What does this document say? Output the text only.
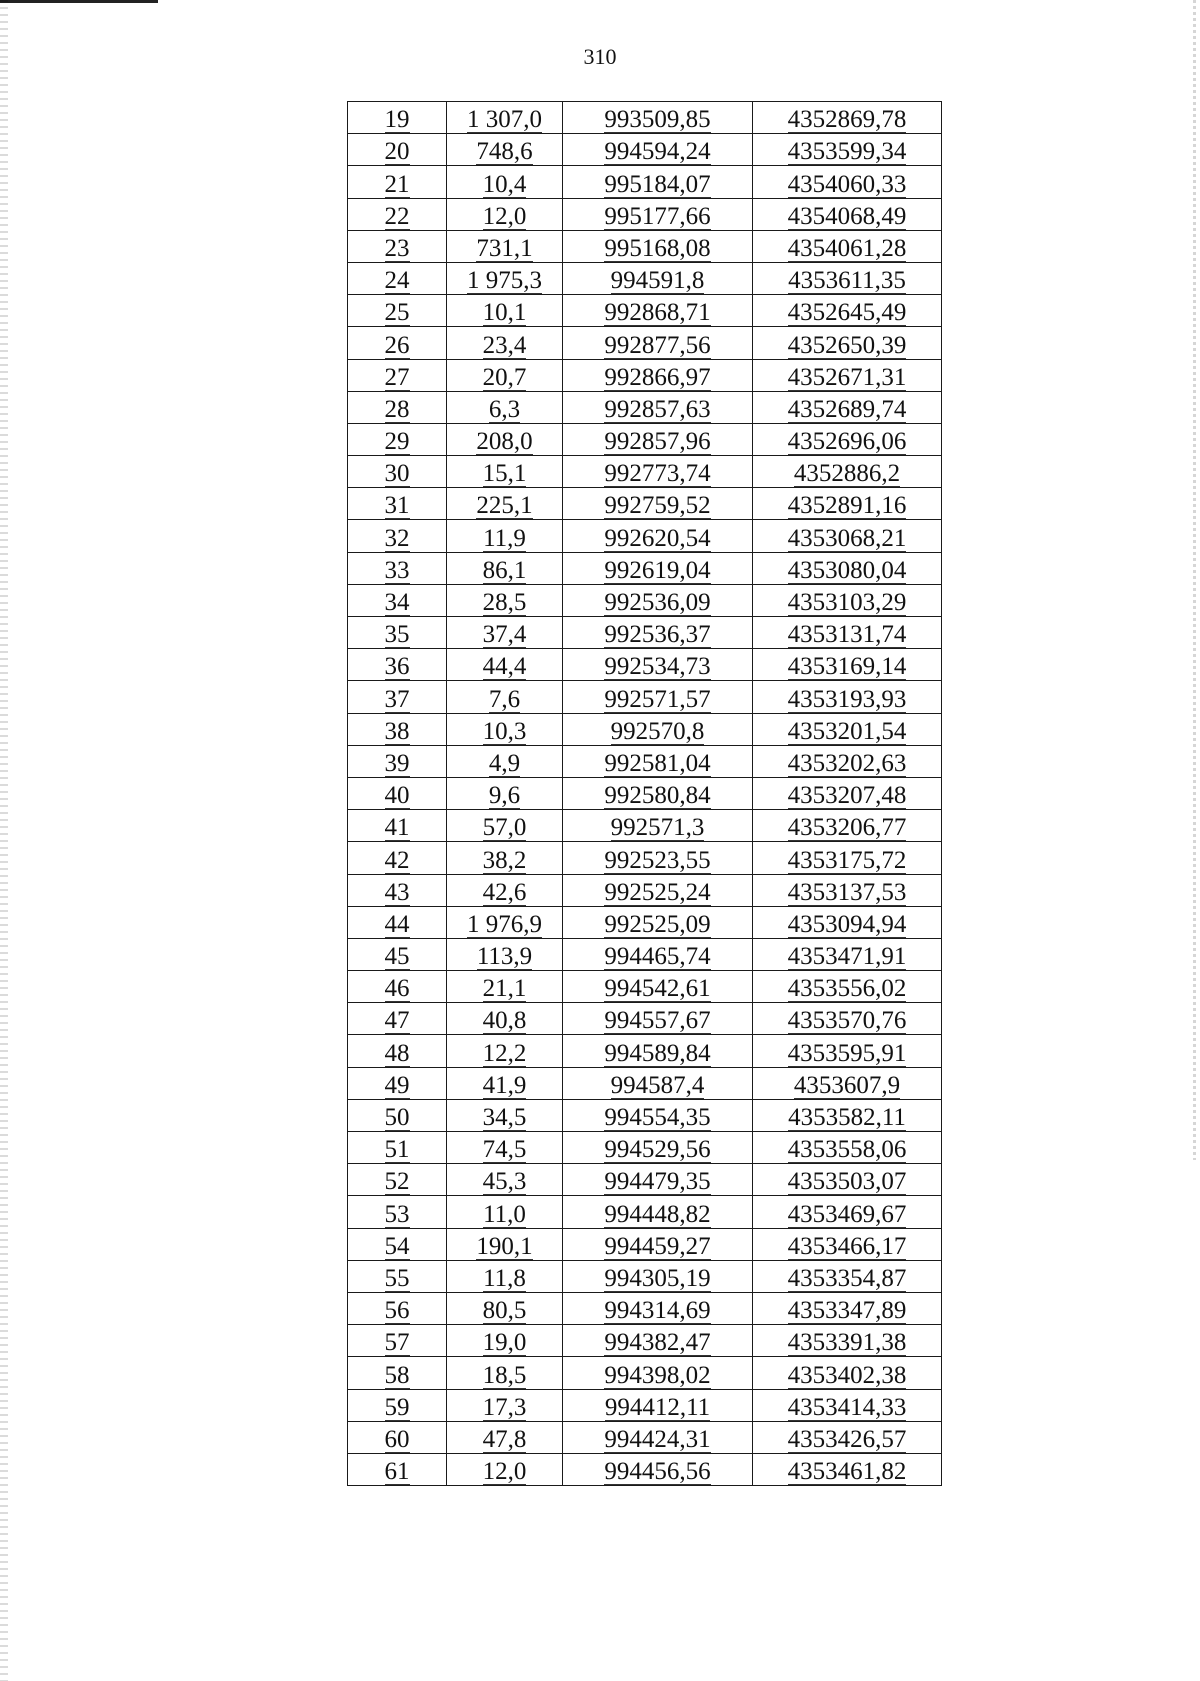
310
19	1 307,0	993509,85	4352869,78
20	748,6	994594,24	4353599,34
21	10,4	995184,07	4354060,33
22	12,0	995177,66	4354068,49
23	731,1	995168,08	4354061,28
24	1 975,3	994591,8	4353611,35
25	10,1	992868,71	4352645,49
26	23,4	992877,56	4352650,39
27	20,7	992866,97	4352671,31
28	6,3	992857,63	4352689,74
29	208,0	992857,96	4352696,06
30	15,1	992773,74	4352886,2
31	225,1	992759,52	4352891,16
32	11,9	992620,54	4353068,21
33	86,1	992619,04	4353080,04
34	28,5	992536,09	4353103,29
35	37,4	992536,37	4353131,74
36	44,4	992534,73	4353169,14
37	7,6	992571,57	4353193,93
38	10,3	992570,8	4353201,54
39	4,9	992581,04	4353202,63
40	9,6	992580,84	4353207,48
41	57,0	992571,3	4353206,77
42	38,2	992523,55	4353175,72
43	42,6	992525,24	4353137,53
44	1 976,9	992525,09	4353094,94
45	113,9	994465,74	4353471,91
46	21,1	994542,61	4353556,02
47	40,8	994557,67	4353570,76
48	12,2	994589,84	4353595,91
49	41,9	994587,4	4353607,9
50	34,5	994554,35	4353582,11
51	74,5	994529,56	4353558,06
52	45,3	994479,35	4353503,07
53	11,0	994448,82	4353469,67
54	190,1	994459,27	4353466,17
55	11,8	994305,19	4353354,87
56	80,5	994314,69	4353347,89
57	19,0	994382,47	4353391,38
58	18,5	994398,02	4353402,38
59	17,3	994412,11	4353414,33
60	47,8	994424,31	4353426,57
61	12,0	994456,56	4353461,82
